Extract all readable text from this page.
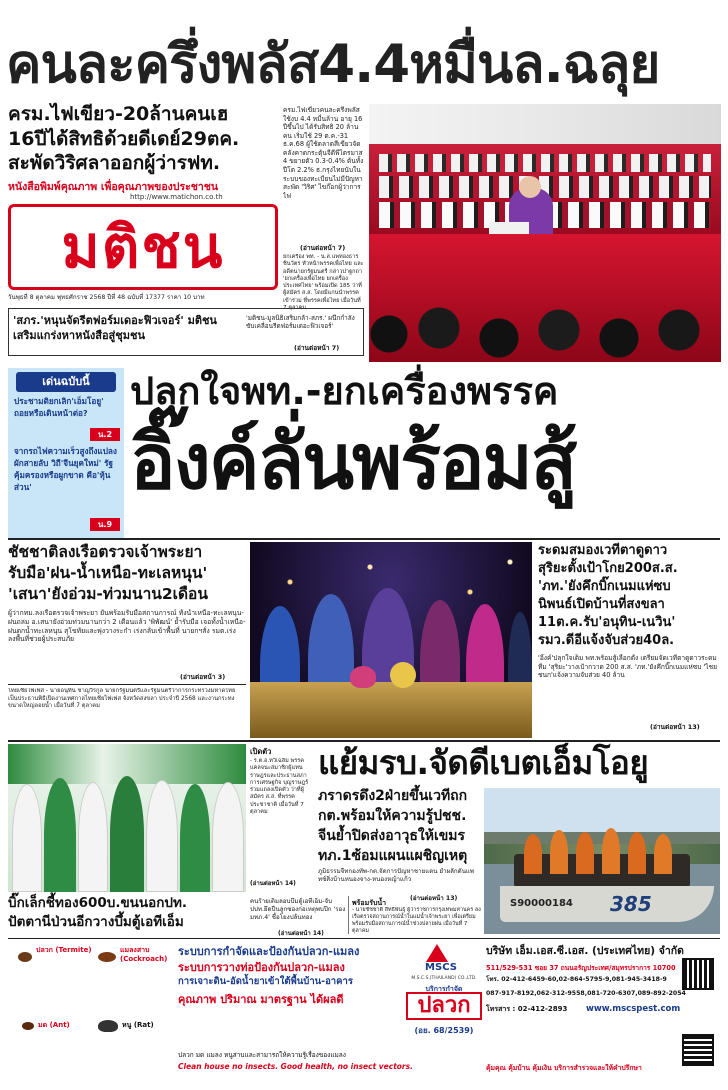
คนละครึ่งพลัส4.4หมื่นล.ฉลุย
ครม.ไฟเขียว-20ล้านคนเฮ
16ปีได้สิทธิด้วยดีเดย์29ตค.
สะพัดวิริศลาออกผู้ว่ารฟท.
หนังสือพิมพ์คุณภาพ เพื่อคุณภาพของประชาชน
http://www.matichon.co.th
มติชน
วันพุธที่ 8 ตุลาคม พุทธศักราช 2568 ปีที่ 48 ฉบับที่ 17377 ราคา 10 บาท
ครม.ไฟเขียวคนละครึ่งพลัส ใช้งบ 4.4 หมื่นล้าน อายุ 16 ปีขึ้นไป ได้รับสิทธิ 20 ล้านคน เริ่มใช้ 29 ต.ค.-31 ธ.ค.68 ผู้ใช้ตลาดสีเขียวจัดคลังคาดกระตุ้นจีดีพีไตรมาส 4 ขยายตัว 0.3-0.4% ต้นทั้งปีโต 2.2% ธ.กรุงไทยนับในระบบของทะเบียนไม่มีปัญหา สะพัด 'วิริศ' ไขก๊อกผู้ว่าการไฟ
(อ่านต่อหน้า 7)
ยกเครื่อง พท. - น.ส.แพทองธาร ชินวัตร หัวหน้าพรรคเพื่อไทย และอดีตนายกรัฐมนตรี กล่าวปาฐกถา 'ยกเครื่องเพื่อไทย ยกเครื่องประเทศไทย' พร้อมเปิด 185 ว่าที่ผู้สมัคร ส.ส. โดยมีแกนนำพรรคเข้าร่วม ที่พรรคเพื่อไทย เมื่อวันที่ 7 ตุลาคม
'สภร.'หนุนจัดรีตฟอร์มเดอะฟิวเจอร์' มติชนเสริมแกร่งหาหนังสือสู่ชุมชน
'มติชน-มูลนิธิเสริมกล้า-สภร.' ผนึกกำลังขับเคลื่อนรีดฟอร์มเดอะฟิวเจอร์'
(อ่านต่อหน้า 7)
เด่นฉบับนี้
ประชามติยกเลิก'เอ็มโอยู' ถอยหรือเดินหน้าต่อ?
น.2
จากรถไฟความเร็วสูงถึงแปลงผักสายลับ วิถี'จีนยุคใหม่' รัฐคุ้มครองหรือผูกขาด คือ'หุ้นส่วน'
น.9
ปลุกใจพท.-ยกเครื่องพรรค
อิ๊งค์ลั่นพร้อมสู้
ชัชชาติลงเรือตรวจเจ้าพระยา
รับมือ'ฝน-น้ำเหนือ-ทะเลหนุน'
'เสนา'ยังอ่วม-ท่วมนาน2เดือน
ผู้ว่ากทม.ลงเรือตรวจเจ้าพระยา ยันพร้อมรับมือสถานการณ์ ทั้งน้ำเหนือ-ทะเลหนุน-ฝนถล่ม อ.เสนายังอ่วมท่วมนานกว่า 2 เดือนแล้ว 'พิพัฒน์' ย้ำรับมือ เจอทั้งน้ำเหนือ-ฝนตกน้ำทะเลหนุน สุโขทัยและพุ่งวางระกำ เร่งกลับเข้าพื้นที่ นายกฯสั่ง รมต.เร่งลงพื้นที่ช่วยผู้ประสบภัย
(อ่านต่อหน้า 3)
ไทยเซียไฟเฟส - นายอนุทิน ชาญวีรกูล นายกรัฐมนตรีและรัฐมนตรีว่าการกระทรวงมหาดไทย เป็นประธานพิธีเปิดงานเทศกาลไทยเซียไฟเฟส จังหวัดสงขลา ประจำปี 2568 และงานกระทงขนาดใหญ่ลอยน้ำ เมื่อวันที่ 7 ตุลาคม
ระดมสมองเวทีตาดูดาว
สุริยะตั้งเป้าโกย200ส.ส.
'ภท.'ยังคึกบิ๊กเนมแห่ซบ
นิพนธ์เปิดบ้านที่สงขลา
11ต.ค.รับ'อนุทิน-เนวิน'
รมว.ดีอีแจ้งจับส่วย40ล.
'อิ๊งค์'ปลุกใจเต็ม พท.พร้อมสู้เลือกตั้ง เตรียมจัดเวทีตาดูดาวระดมทีม 'สุริยะ'วางเป้ากวาด 200 ส.ส. 'ภท.'ยังคึกบิ๊กเนมแห่ซบ 'ไชยชนก'แจ้งความจับส่วย 40 ล้าน
(อ่านต่อหน้า 13)
เปิดตัว
- ร.ต.อ.ทวีเฉลิม พรรคแคลจนะสมาชิกผู้แทนราษฎรและประธานสภาการเศรษฐกิจ บุญราษฎร์ ร่วมแถลงเปิดตัว ว่าที่ผู้สมัคร ส.ส. ที่พรรคประชาชาติ เมื่อวันที่ 7 ตุลาคม
(อ่านต่อหน้า 14)
แย้มรบ.จัดดีเบตเอ็มโอยู
ภราดรดึง2ฝ่ายขึ้นเวทีถก
กต.พร้อมให้ความรู้ปชช.
จีนย้ำปิดส่งอาวุธให้เขมร
ทภ.1ซ้อมแผนแผชิญเหตุ
ภูมิธรรมจี้ทกองทัพ-กต.จัดการปัญหาชายแดน ย้ำผลักดันแพทช์สิ่งบ้านหนองจาง-หนองหญ้าแก้ว
(อ่านต่อหน้า 13)	S90000184	385
บิ๊กเล็กชี้ทอง600บ.ขนนอกปท.
ปัตตานีป่วนอีกวางบึ้มตู้เอทีเอ็ม
คนร้ายเติมลอบบึ้มตู้เอทีเอ็ม-จับปปท.ยึดปืนลูกซองก่อเหตุพบปีก 'รอง มทภ.4' ชี้อโยงปล้นทอง
(อ่านต่อหน้า 14)
พร้อมรับน้ำ
- นายชัชชาติ สิทธิพันธุ์ ผู้ว่าราชการกรุงเทพมหานคร ลงเรือตรวจสถานการณ์น้ำในแม่น้ำเจ้าพระยา เพื่อเตรียมพร้อมรับมือสถานการณ์น้ำช่วงปลายฝน เมื่อวันที่ 7 ตุลาคม
ปลวก (Termite)	แมลงสาบ (Cockroach)
มด (Ant)	หนู (Rat)
ระบบการกำจัดและป้องกันปลวก-แมลง
ระบบการวางท่อป้องกันปลวก-แมลง
การเจาะดิน-อัดน้ำยาเข้าใต้พื้นบ้าน-อาคาร
คุณภาพ ปริมาณ มาตรฐาน ได้ผลดี
ปลวก มด แมลง หนูสาบและสามารถให้ความรู้เรื่องของแมลง
Clean house no insects. Good health, no insect vectors.
MSCS
M.S.C.S.(THAILAND) CO.,LTD.
บริการกำจัด
ปลวก
(อย. 68/2539)
บริษัท เอ็ม.เอส.ซี.เอส. (ประเทศไทย) จำกัด
511/529-531 ซอย 37 ถนนอรัญประเทศ/สมุทรปราการ 10700
โทร. 02-412-6459-60,02-864-5795-9,081-945-3418-9
087-917-8192,062-312-9558,081-720-6307,089-892-2054
โทรสาร : 02-412-2893	www.mscspest.com
คุ้มคุณ คุ้มบ้าน คุ้มเงิน บริการสำรวจและให้คำปรึกษา
